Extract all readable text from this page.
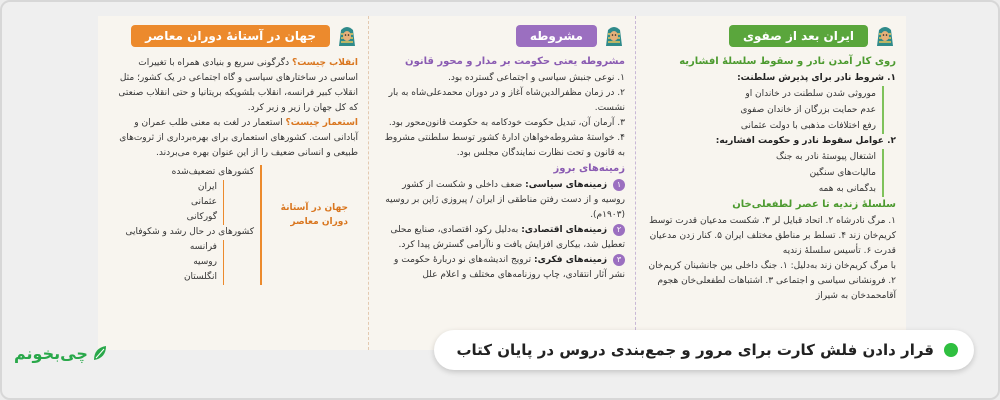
ایران بعد از صفوی
روی کار آمدن نادر و سقوط سلسلهٔ افشاریه
۱. شروط نادر برای پذیرش سلطنت:
موروثی شدن سلطنت در خاندان او
عدم حمایت بزرگان از خاندان صفوی
رفع اختلافات مذهبی با دولت عثمانی
۲. عوامل سقوط نادر و حکومت افشاریه:
اشتغال پیوستهٔ نادر به جنگ
مالیات‌های سنگین
بدگمانی به همه
سلسلهٔ زندیه تا عصر لطفعلی‌خان
۱. مرگ نادرشاه ۲. اتحاد قبایل لر ۳. شکست مدعیان قدرت توسط کریم‌خان زند ۴. تسلط بر مناطق مختلف ایران ۵. کنار زدن مدعیان قدرت ۶. تأسیس سلسلهٔ زندیه
با مرگ کریم‌خان زند به‌دلیل: ۱. جنگ داخلی بین جانشینان کریم‌خان ۲. فرونشانی سیاسی و اجتماعی ۳. اشتباهات لطفعلی‌خان هجوم آقامحمدخان به شیراز
مشروطه
مشروطه یعنی حکومت بر مدار و محور قانون
۱. نوعی جنبش سیاسی و اجتماعی گسترده بود.
۲. در زمان مظفرالدین‌شاه آغاز و در دوران محمدعلی‌شاه به بار نشست.
۳. آرمان آن، تبدیل حکومت خودکامه به حکومت قانون‌محور بود.
۴. خواستهٔ مشروطه‌خواهان ادارهٔ کشور توسط سلطنتی مشروط به قانون و تحت نظارت نمایندگان مجلس بود.
زمینه‌های بروز
۱ زمینه‌های سیاسی: ضعف داخلی و شکست از کشور روسیه و از دست رفتن مناطقی از ایران / پیروزی ژاپن بر روسیه (۱۹۰۳م).
۲ زمینه‌های اقتصادی: به‌دلیل رکود اقتصادی، صنایع محلی تعطیل شد، بیکاری افزایش یافت و ناآرامی گسترش پیدا کرد.
۳ زمینه‌های فکری: ترویج اندیشه‌های نو دربارهٔ حکومت و نشر آثار انتقادی، چاپ روزنامه‌های مختلف و اعلام علل
جهان در آستانهٔ دوران معاصر
انقلاب چیست؟ دگرگونی سریع و بنیادی همراه با تغییرات اساسی در ساختارهای سیاسی و گاه اجتماعی در یک کشور؛ مثل انقلاب کبیر فرانسه، انقلاب بلشویکه بریتانیا و حتی انقلاب صنعتی که کل جهان را زیر و زبر کرد.
استعمار چیست؟ استعمار در لغت به معنی طلب عمران و آبادانی است. کشورهای استعماری برای بهره‌برداری از ثروت‌های طبیعی و انسانی ضعیف را از این عنوان بهره می‌بردند.
جهان در آستانهٔ دوران معاصر
کشورهای تضعیف‌شده
ایران
عثمانی
گورکانی
کشورهای در حال رشد و شکوفایی
فرانسه
روسیه
انگلستان
قرار دادن فلش کارت برای مرور و جمع‌بندی دروس در پایان کتاب
چی‌بخونم
